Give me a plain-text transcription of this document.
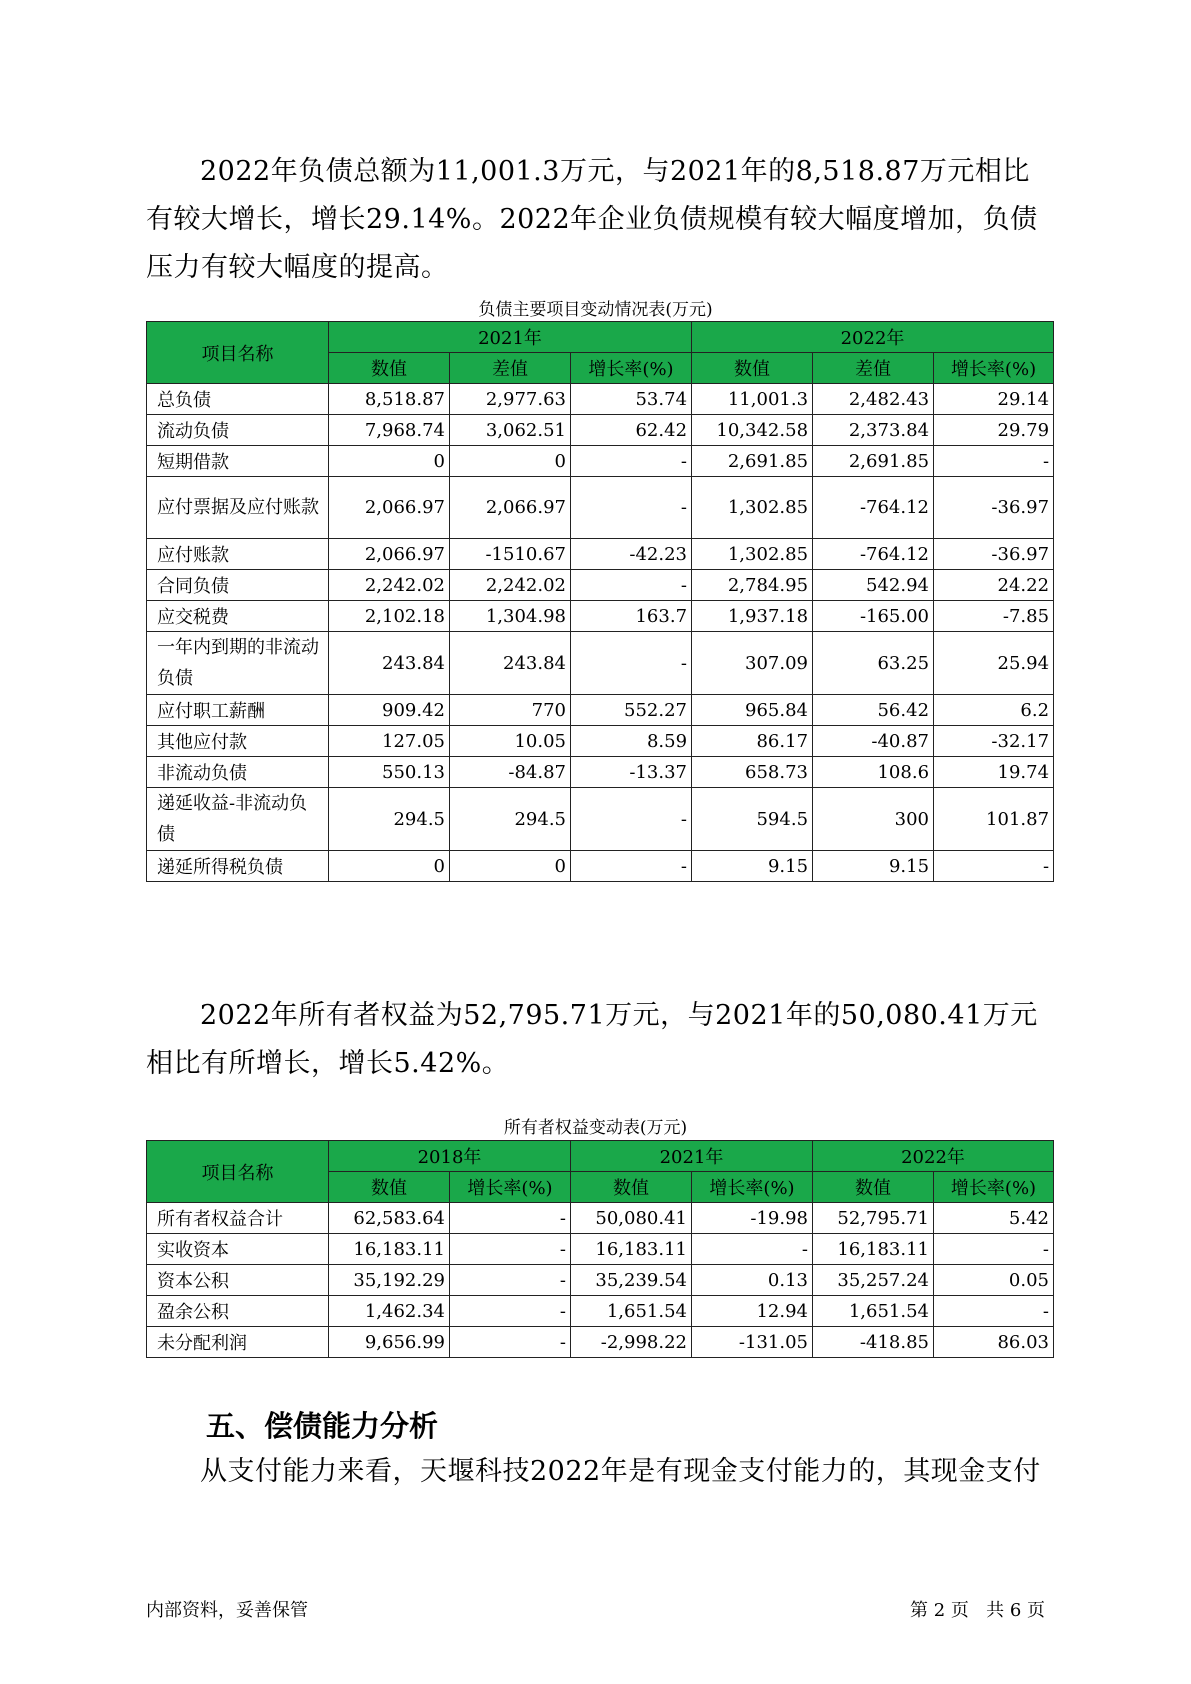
2022年负债总额为11,001.3万元，与2021年的8,518.87万元相比有较大增长，增长29.14%。2022年企业负债规模有较大幅度增加，负债压力有较大幅度的提高。

负债主要项目变动情况表(万元)

项目名称	2021年			2022年		
	数值	差值	增长率(%)	数值	差值	增长率(%)
总负债	8,518.87	2,977.63	53.74	11,001.3	2,482.43	29.14
流动负债	7,968.74	3,062.51	62.42	10,342.58	2,373.84	29.79
短期借款	0	0	-	2,691.85	2,691.85	-
应付票据及应付账款	2,066.97	2,066.97	-	1,302.85	-764.12	-36.97
应付账款	2,066.97	-1510.67	-42.23	1,302.85	-764.12	-36.97
合同负债	2,242.02	2,242.02	-	2,784.95	542.94	24.22
应交税费	2,102.18	1,304.98	163.7	1,937.18	-165.00	-7.85
一年内到期的非流动负债	243.84	243.84	-	307.09	63.25	25.94
应付职工薪酬	909.42	770	552.27	965.84	56.42	6.2
其他应付款	127.05	10.05	8.59	86.17	-40.87	-32.17
非流动负债	550.13	-84.87	-13.37	658.73	108.6	19.74
递延收益-非流动负债	294.5	294.5	-	594.5	300	101.87
递延所得税负债	0	0	-	9.15	9.15	-

2022年所有者权益为52,795.71万元，与2021年的50,080.41万元相比有所增长，增长5.42%。

所有者权益变动表(万元)

项目名称	2018年		2021年		2022年	
	数值	增长率(%)	数值	增长率(%)	数值	增长率(%)
所有者权益合计	62,583.64	-	50,080.41	-19.98	52,795.71	5.42
实收资本	16,183.11	-	16,183.11	-	16,183.11	-
资本公积	35,192.29	-	35,239.54	0.13	35,257.24	0.05
盈余公积	1,462.34	-	1,651.54	12.94	1,651.54	-
未分配利润	9,656.99	-	-2,998.22	-131.05	-418.85	86.03
五、偿债能力分析

从支付能力来看，天堰科技2022年是有现金支付能力的，其现金支付

内部资料，妥善保管	第 2 页   共 6 页
